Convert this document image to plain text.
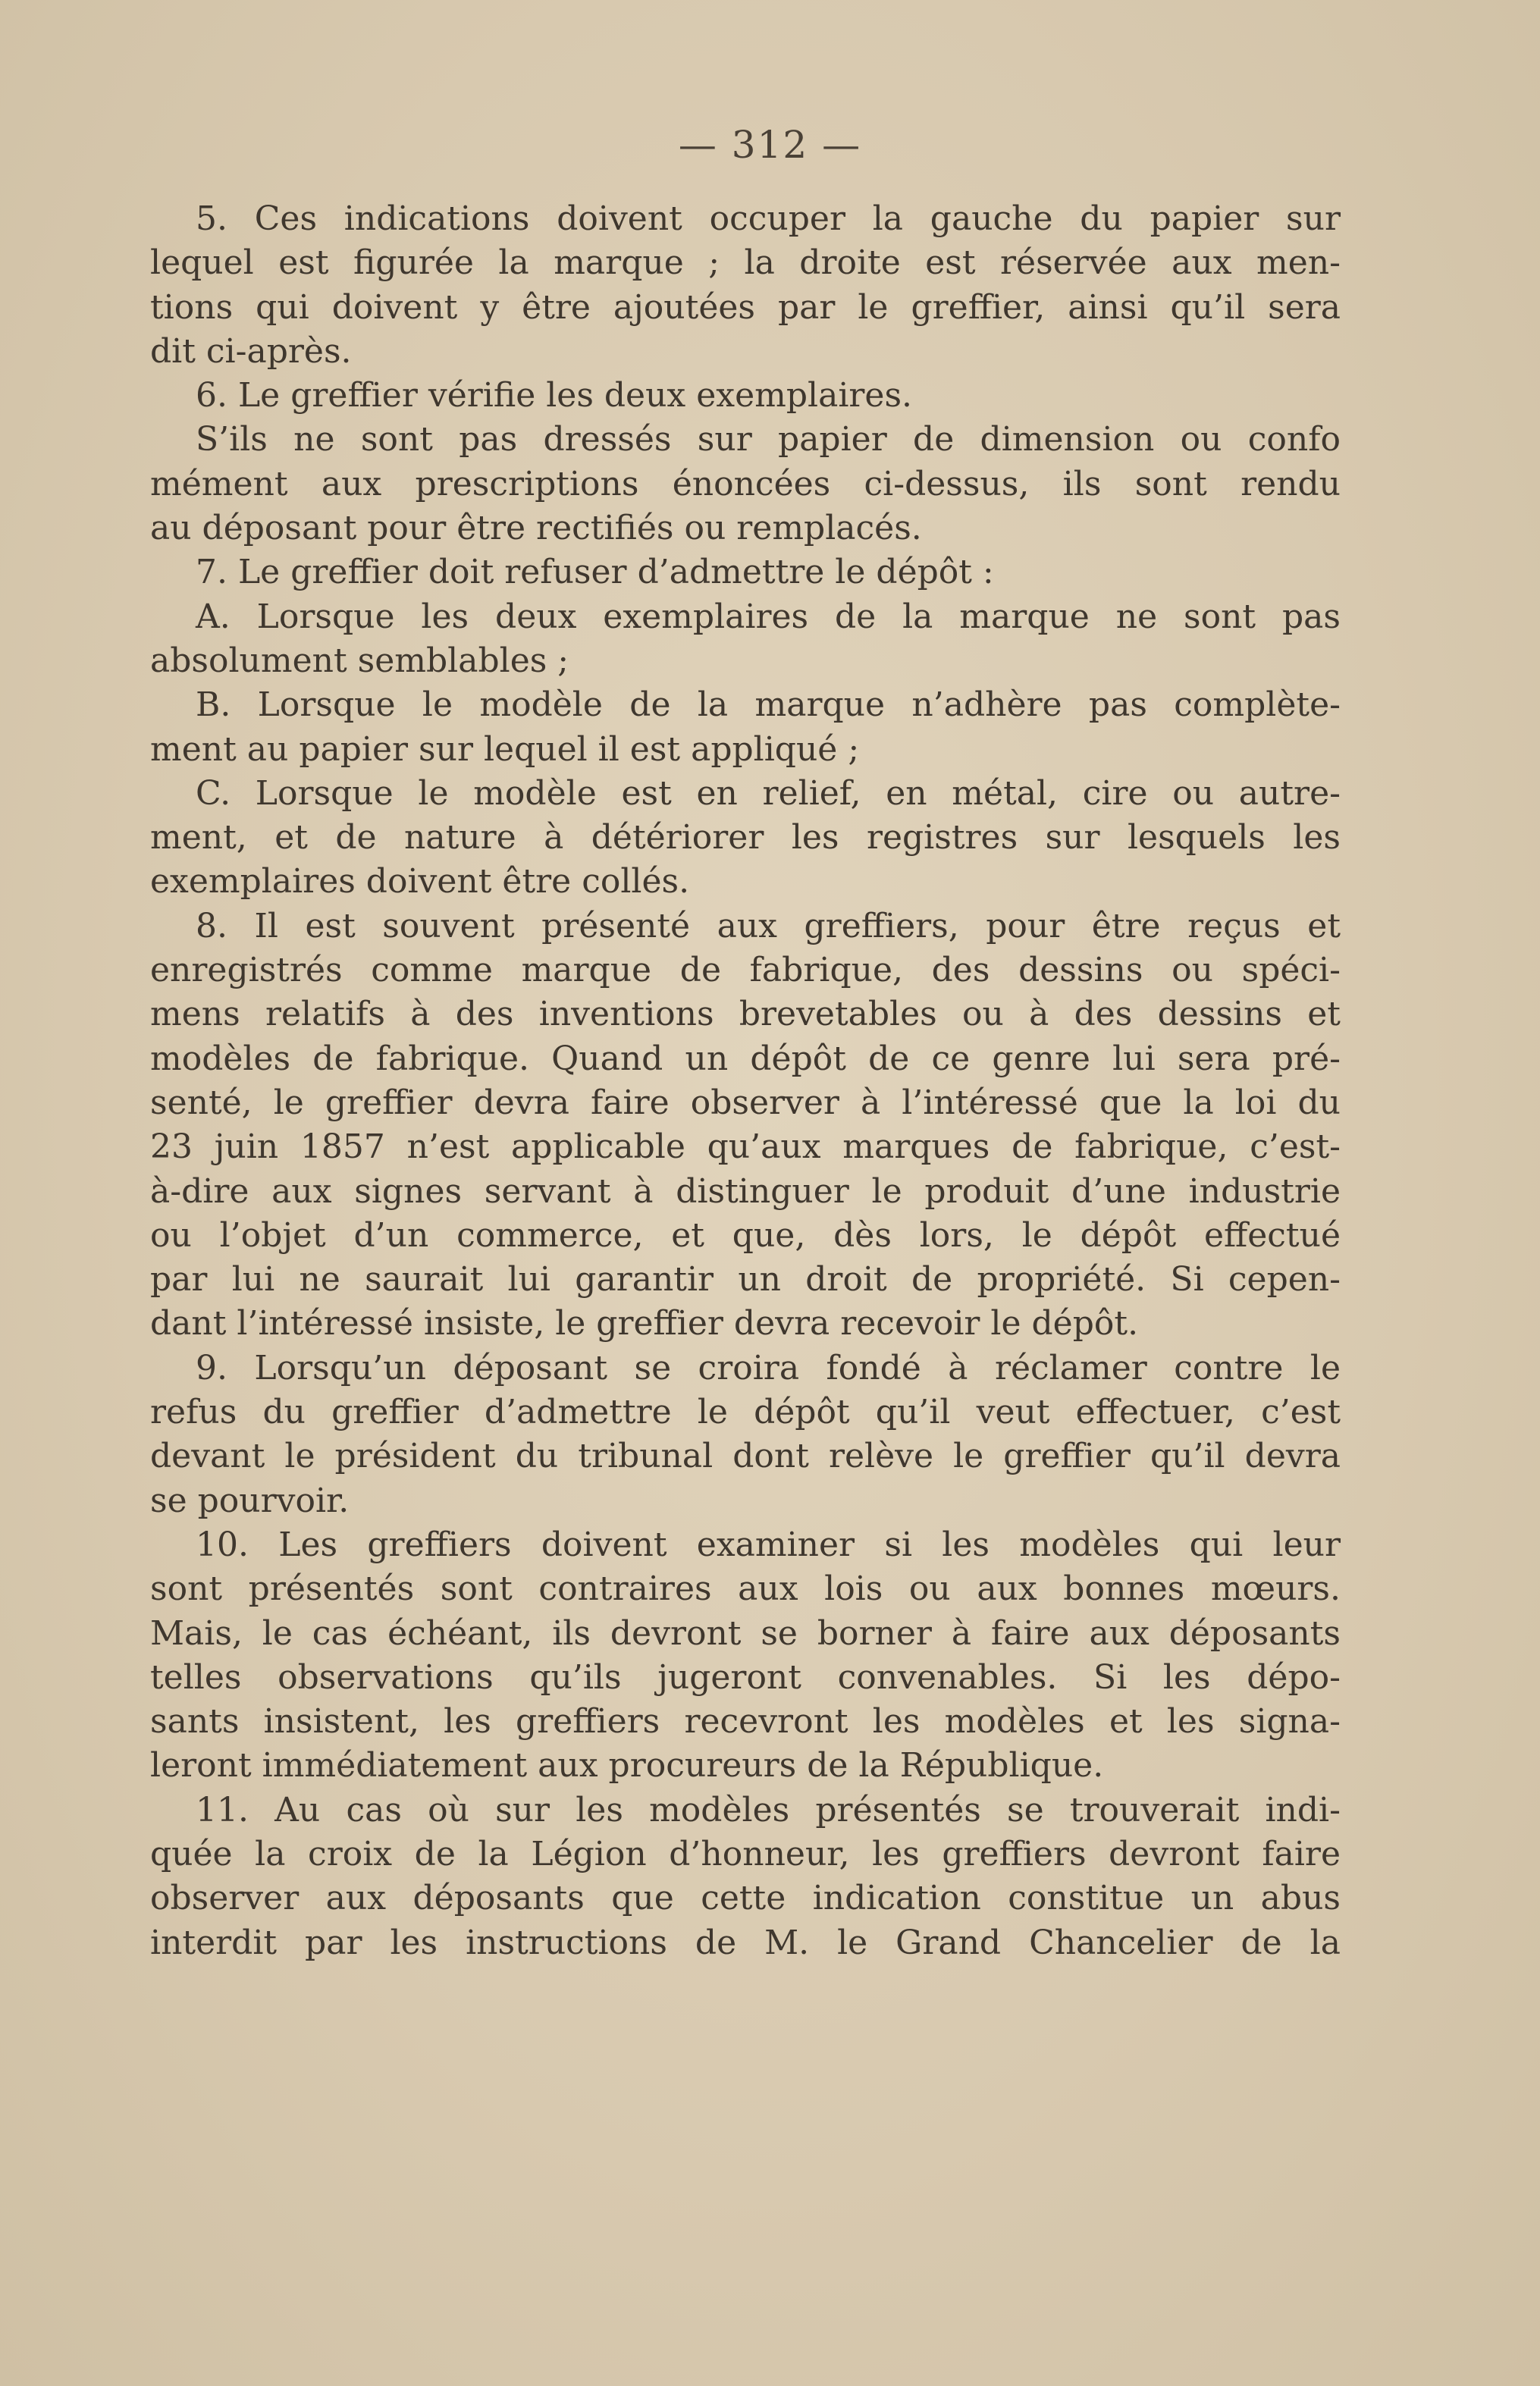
— 312 —
5. Ces indications doivent occuper la gauche du papier sur
lequel est figurée la marque ; la droite est réservée aux men-
tions qui doivent y être ajoutées par le greffier, ainsi qu’il sera
dit ci-après.
6. Le greffier vérifie les deux exemplaires.
S’ils ne sont pas dressés sur papier de dimension ou confo
mément aux prescriptions énoncées ci-dessus, ils sont rendu
au déposant pour être rectifiés ou remplacés.
7. Le greffier doit refuser d’admettre le dépôt :
A. Lorsque les deux exemplaires de la marque ne sont pas
absolument semblables ;
B. Lorsque le modèle de la marque n’adhère pas complète-
ment au papier sur lequel il est appliqué ;
C. Lorsque le modèle est en relief, en métal, cire ou autre-
ment, et de nature à détériorer les registres sur lesquels les
exemplaires doivent être collés.
8. Il est souvent présenté aux greffiers, pour être reçus et
enregistrés comme marque de fabrique, des dessins ou spéci-
mens relatifs à des inventions brevetables ou à des dessins et
modèles de fabrique. Quand un dépôt de ce genre lui sera pré-
senté, le greffier devra faire observer à l’intéressé que la loi du
23 juin 1857 n’est applicable qu’aux marques de fabrique, c’est-
à-dire aux signes servant à distinguer le produit d’une industrie
ou l’objet d’un commerce, et que, dès lors, le dépôt effectué
par lui ne saurait lui garantir un droit de propriété. Si cepen-
dant l’intéressé insiste, le greffier devra recevoir le dépôt.
9. Lorsqu’un déposant se croira fondé à réclamer contre le
refus du greffier d’admettre le dépôt qu’il veut effectuer, c’est
devant le président du tribunal dont relève le greffier qu’il devra
se pourvoir.
10. Les greffiers doivent examiner si les modèles qui leur
sont présentés sont contraires aux lois ou aux bonnes mœurs.
Mais, le cas échéant, ils devront se borner à faire aux déposants
telles observations qu’ils jugeront convenables. Si les dépo-
sants insistent, les greffiers recevront les modèles et les signa-
leront immédiatement aux procureurs de la République.
11. Au cas où sur les modèles présentés se trouverait indi-
quée la croix de la Légion d’honneur, les greffiers devront faire
observer aux déposants que cette indication constitue un abus
interdit par les instructions de M. le Grand Chancelier de la
